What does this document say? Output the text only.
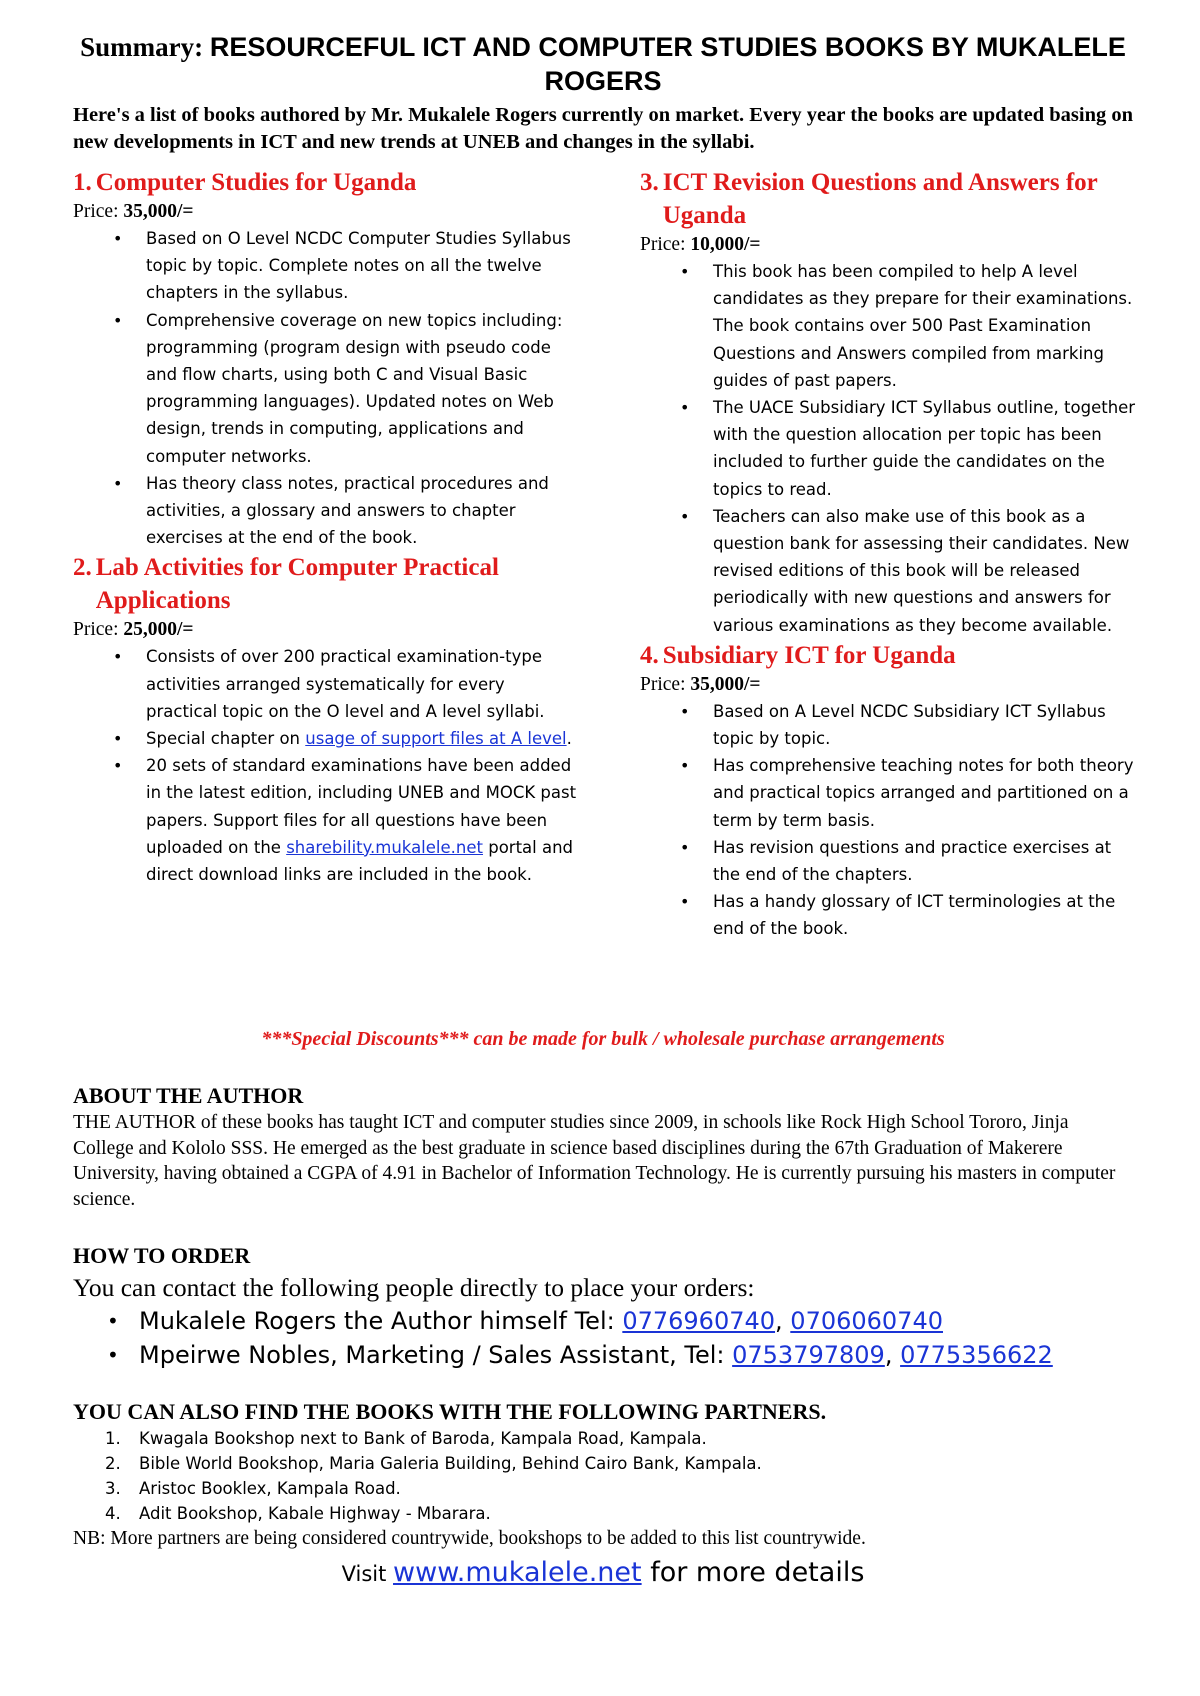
Summary: RESOURCEFUL ICT AND COMPUTER STUDIES BOOKS BY MUKALELE ROGERS

Here's a list of books authored by Mr. Mukalele Rogers currently on market. Every year the books are updated basing on new developments in ICT and new trends at UNEB and changes in the syllabi.

1. Computer Studies for Uganda

Price: 35,000/=

• Based on O Level NCDC Computer Studies Syllabus topic by topic. Complete notes on all the twelve chapters in the syllabus.
• Comprehensive coverage on new topics including: programming (program design with pseudo code and flow charts, using both C and Visual Basic programming languages). Updated notes on Web design, trends in computing, applications and computer networks.
• Has theory class notes, practical procedures and activities, a glossary and answers to chapter exercises at the end of the book.
2. Lab Activities for Computer Practical Applications

Price: 25,000/=

• Consists of over 200 practical examination-type activities arranged systematically for every practical topic on the O level and A level syllabi.
• Special chapter on usage of support files at A level.
• 20 sets of standard examinations have been added in the latest edition, including UNEB and MOCK past papers. Support files for all questions have been uploaded on the sharebility.mukalele.net portal and direct download links are included in the book.
3. ICT Revision Questions and Answers for Uganda

Price: 10,000/=

• This book has been compiled to help A level candidates as they prepare for their examinations. The book contains over 500 Past Examination Questions and Answers compiled from marking guides of past papers.
• The UACE Subsidiary ICT Syllabus outline, together with the question allocation per topic has been included to further guide the candidates on the topics to read.
• Teachers can also make use of this book as a question bank for assessing their candidates. New revised editions of this book will be released periodically with new questions and answers for various examinations as they become available.
4. Subsidiary ICT for Uganda

Price: 35,000/=

• Based on A Level NCDC Subsidiary ICT Syllabus topic by topic.
• Has comprehensive teaching notes for both theory and practical topics arranged and partitioned on a term by term basis.
• Has revision questions and practice exercises at the end of the chapters.
• Has a handy glossary of ICT terminologies at the end of the book.
***Special Discounts*** can be made for bulk / wholesale purchase arrangements
ABOUT THE AUTHOR

THE AUTHOR of these books has taught ICT and computer studies since 2009, in schools like Rock High School Tororo, Jinja College and Kololo SSS. He emerged as the best graduate in science based disciplines during the 67th Graduation of Makerere University, having obtained a CGPA of 4.91 in Bachelor of Information Technology. He is currently pursuing his masters in computer science.

HOW TO ORDER

You can contact the following people directly to place your orders:

• Mukalele Rogers the Author himself Tel: 0776960740, 0706060740
• Mpeirwe Nobles, Marketing / Sales Assistant, Tel: 0753797809, 0775356622
YOU CAN ALSO FIND THE BOOKS WITH THE FOLLOWING PARTNERS.
1. Kwagala Bookshop next to Bank of Baroda, Kampala Road, Kampala.
2. Bible World Bookshop, Maria Galeria Building, Behind Cairo Bank, Kampala.
3. Aristoc Booklex, Kampala Road.
4. Adit Bookshop, Kabale Highway - Mbarara.

NB: More partners are being considered countrywide, bookshops to be added to this list countrywide.

Visit www.mukalele.net for more details
